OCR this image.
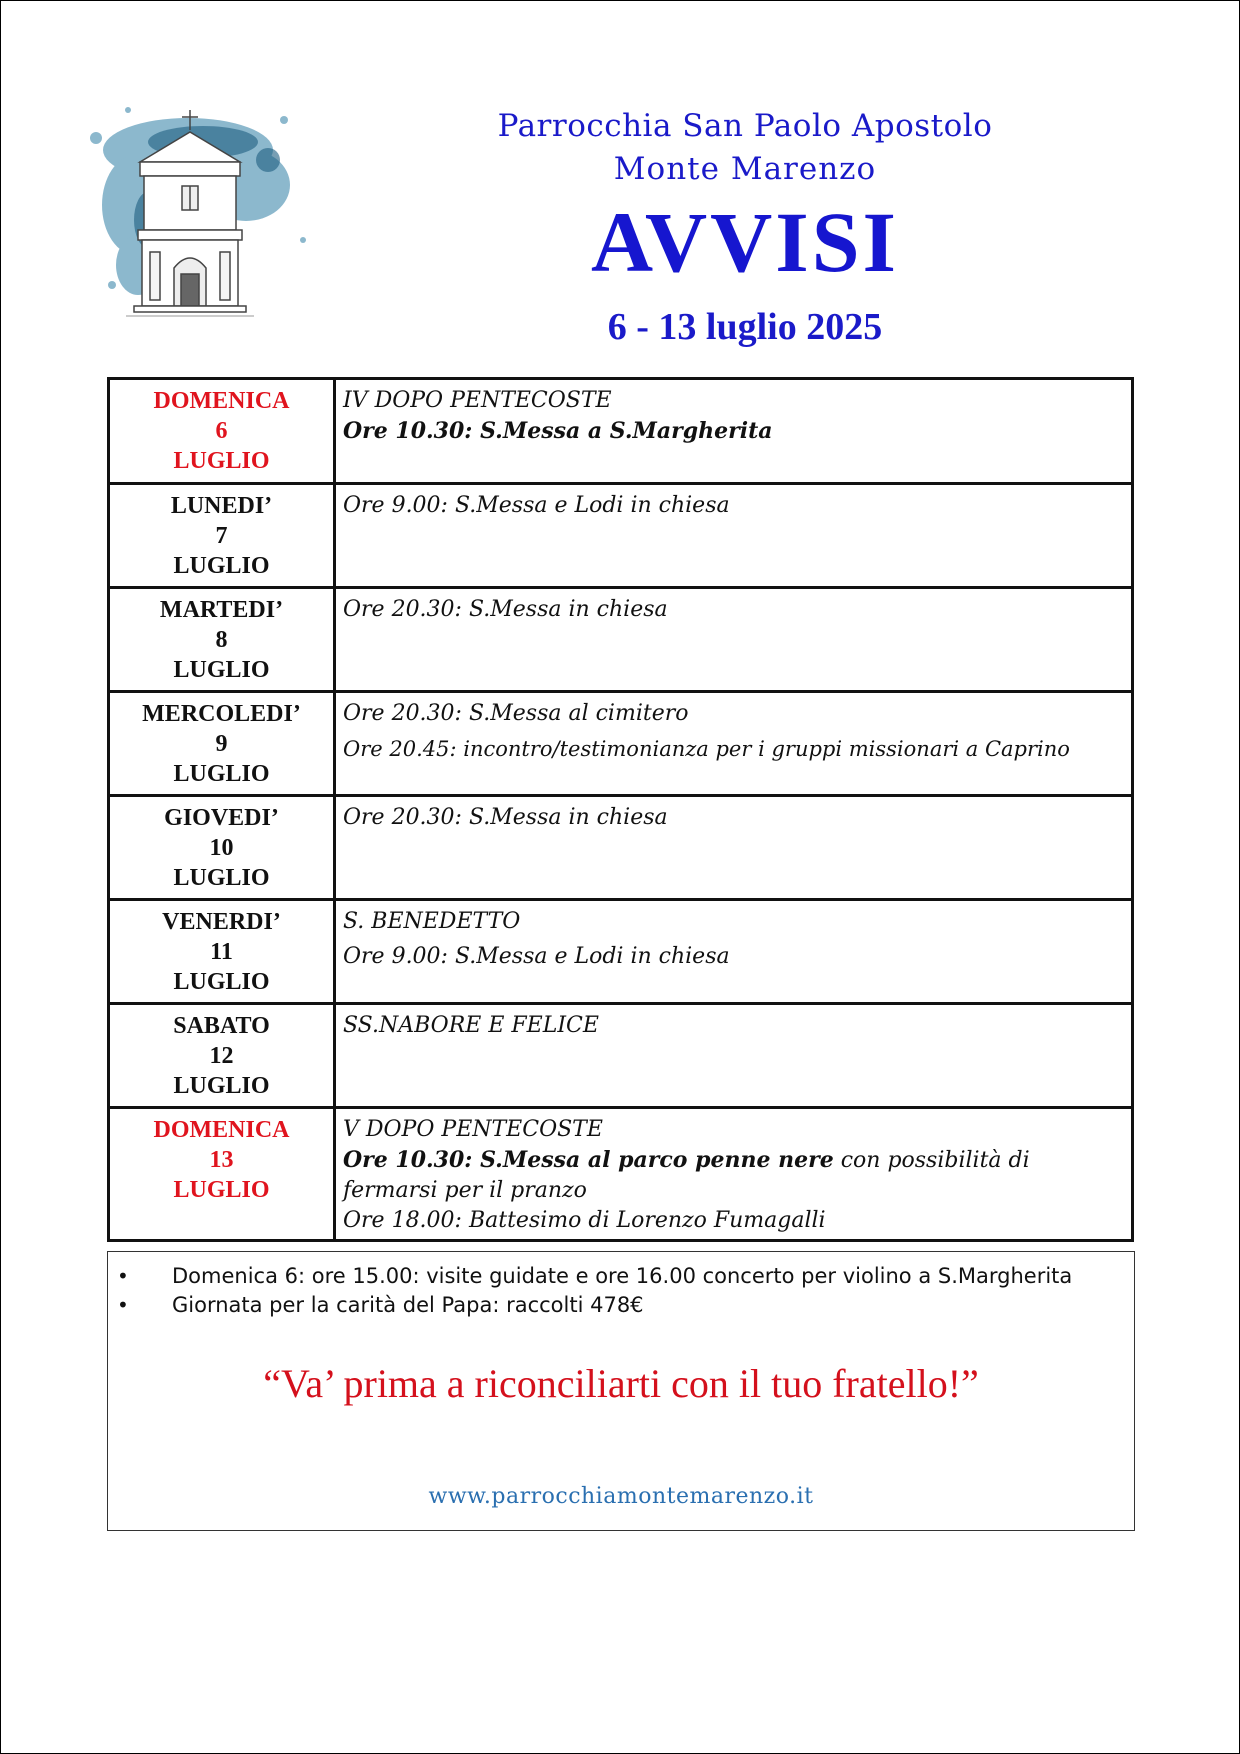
Parrocchia San Paolo Apostolo
Monte Marenzo
AVVISI
6 - 13 luglio 2025
DOMENICA
6
LUGLIO	IV DOPO PENTECOSTE
Ore 10.30: S.Messa a S.Margherita

LUNEDI’
7
LUGLIO	Ore 9.00: S.Messa e Lodi in chiesa

MARTEDI’
8
LUGLIO	Ore 20.30: S.Messa in chiesa

MERCOLEDI’
9
LUGLIO	Ore 20.30: S.Messa al cimitero
Ore 20.45: incontro/testimonianza per i gruppi missionari a Caprino

GIOVEDI’
10
LUGLIO	Ore 20.30: S.Messa in chiesa

VENERDI’
11
LUGLIO	S. BENEDETTO
Ore 9.00: S.Messa e Lodi in chiesa

SABATO
12
LUGLIO	SS.NABORE E FELICE

DOMENICA
13
LUGLIO	V DOPO PENTECOSTE
Ore 10.30: S.Messa al parco penne nere con possibilità di fermarsi per il pranzo
Ore 18.00: Battesimo di Lorenzo Fumagalli
• Domenica 6: ore 15.00: visite guidate e ore 16.00 concerto per violino a S.Margherita
• Giornata per la carità del Papa: raccolti 478€
“Va’ prima a riconciliarti con il tuo fratello!”
www.parrocchiamontemarenzo.it
